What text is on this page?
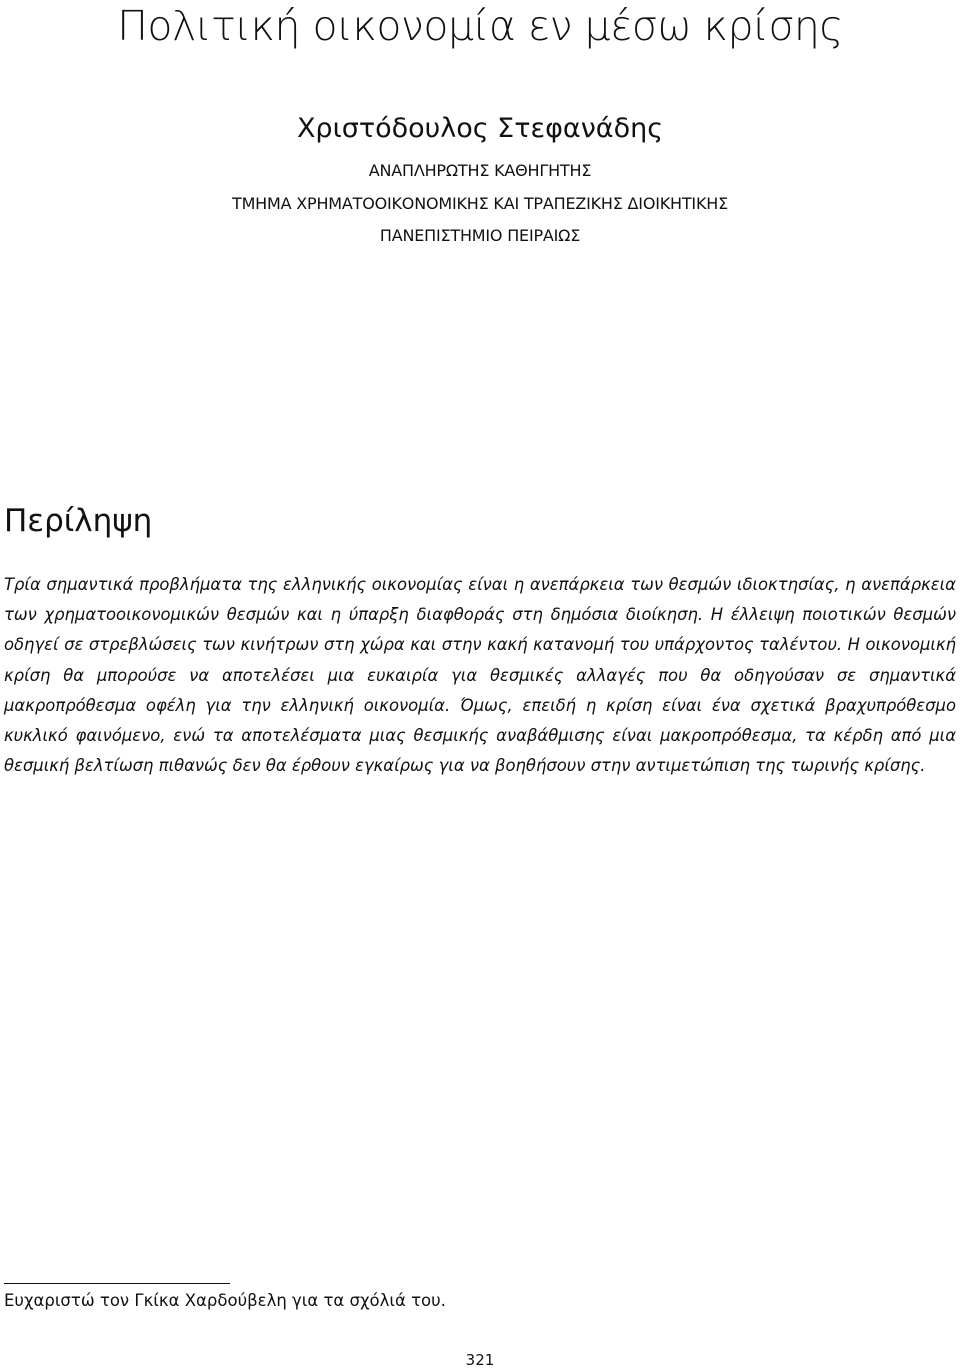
Πολιτική οικονομία εν μέσω κρίσης
Χριστόδουλος Στεφανάδης
ΑΝΑΠΛΗΡΩΤΗΣ ΚΑΘΗΓΗΤΗΣ
ΤΜΗΜΑ ΧΡΗΜΑΤΟΟΙΚΟΝΟΜΙΚΗΣ ΚΑΙ ΤΡΑΠΕΖΙΚΗΣ ΔΙΟΙΚΗΤΙΚΗΣ
ΠΑΝΕΠΙΣΤΗΜΙΟ ΠΕΙΡΑΙΩΣ
Περίληψη

Τρία σημαντικά προβλήματα της ελληνικής οικονομίας είναι η ανεπάρκεια των θεσμών ιδιοκτησίας, η ανεπάρκεια των χρηματοοικονομικών θεσμών και η ύπαρξη διαφθοράς στη δημόσια διοίκηση. Η έλλειψη ποιοτικών θεσμών οδηγεί σε στρεβλώσεις των κινήτρων στη χώρα και στην κακή κατανομή του υπάρχοντος ταλέντου. Η οικονομική κρίση θα μπορούσε να αποτελέσει μια ευκαιρία για θεσμικές αλλαγές που θα οδηγούσαν σε σημαντικά μακροπρόθεσμα οφέλη για την ελληνική οικονομία. Όμως, επειδή η κρίση είναι ένα σχετικά βραχυπρόθεσμο κυκλικό φαινόμενο, ενώ τα αποτελέσματα μιας θεσμικής αναβάθμισης είναι μακροπρόθεσμα, τα κέρδη από μια θεσμική βελτίωση πιθανώς δεν θα έρθουν εγκαίρως για να βοηθήσουν στην αντιμετώπιση της τωρινής κρίσης.

Ευχαριστώ τον Γκίκα Χαρδούβελη για τα σχόλιά του.
321
